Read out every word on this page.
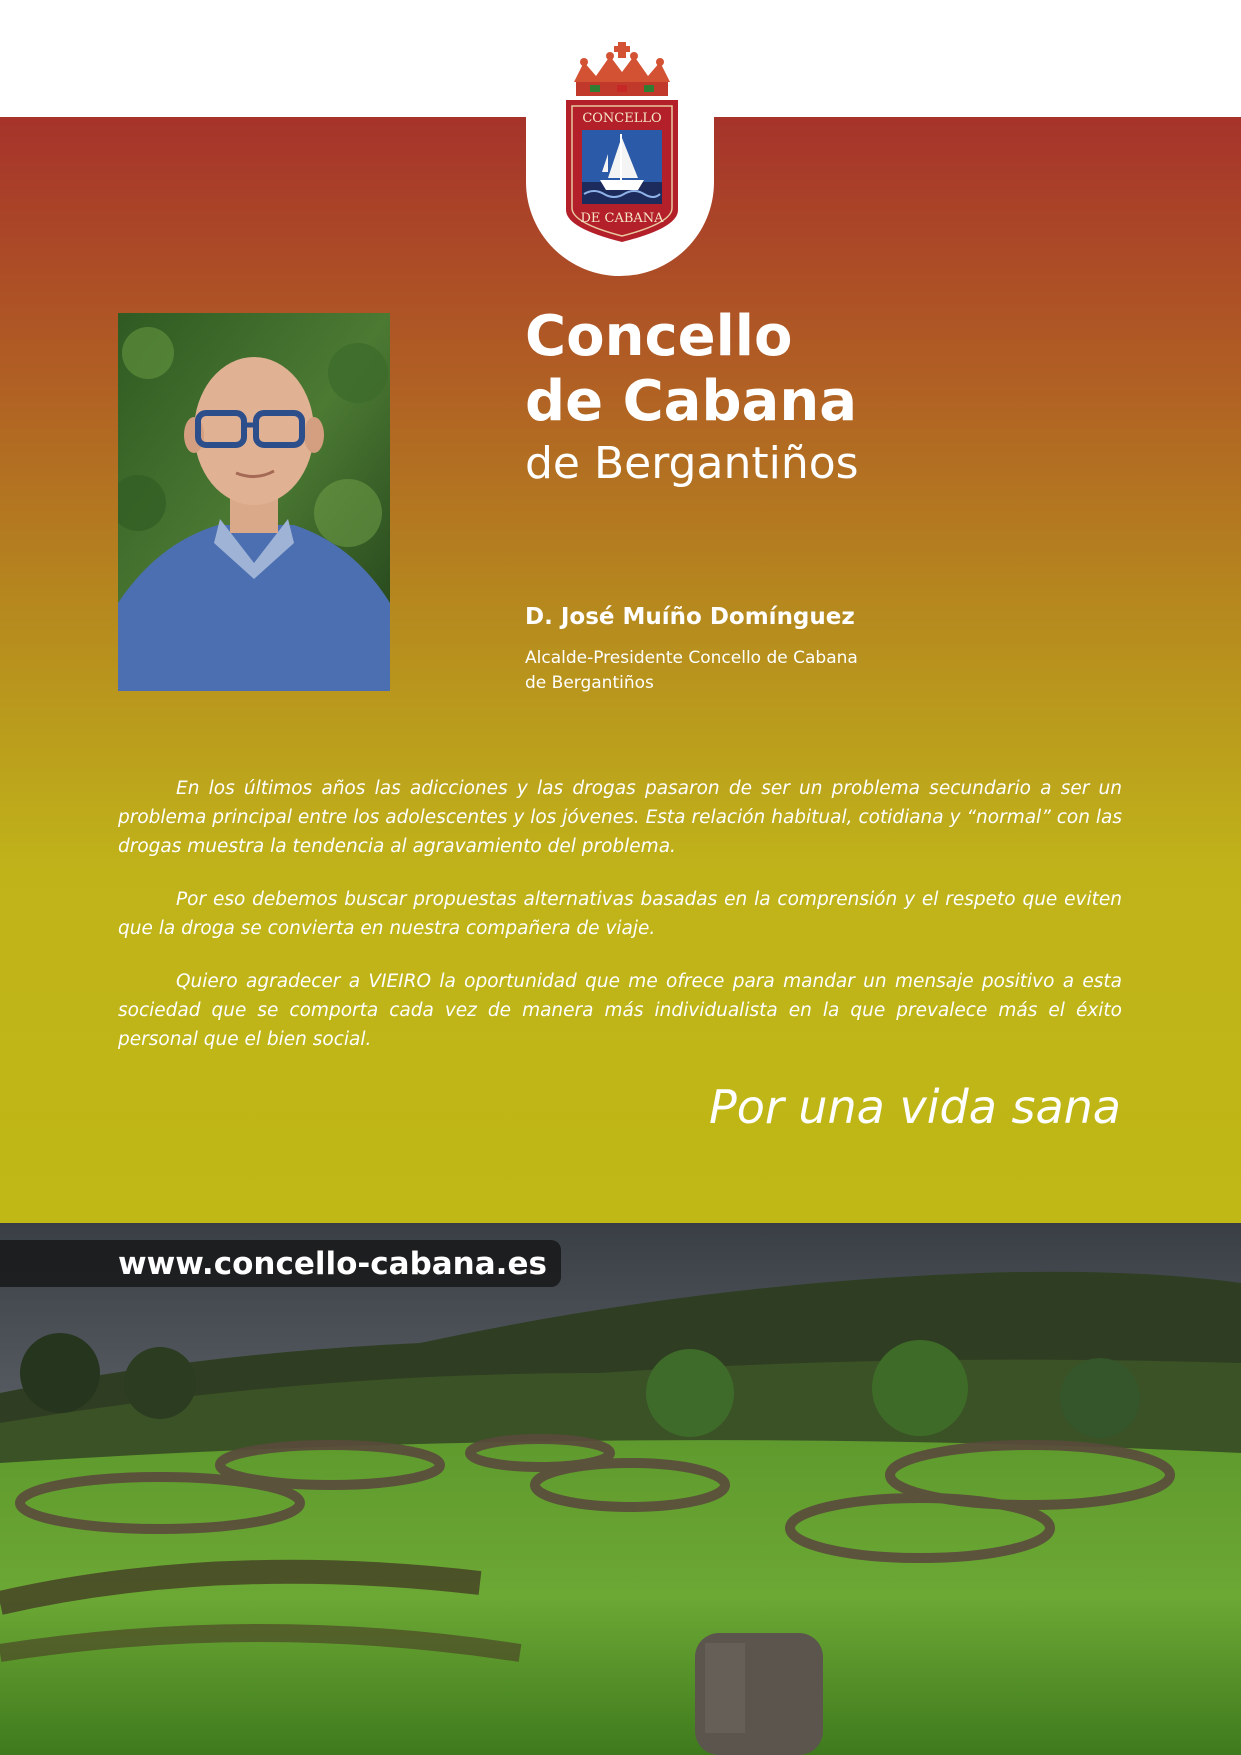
CONCELLO
DE CABANA
Concello
de Cabana
de Bergantiños
D. José Muíño Domínguez
Alcalde-Presidente Concello de Cabana
de Bergantiños

En los últimos años las adicciones y las drogas pasaron de ser un problema secundario a ser un problema principal entre los adolescentes y los jóvenes. Esta relación habitual, cotidiana y “normal” con las drogas muestra la tendencia al agravamiento del problema.

Por eso debemos buscar propuestas alternativas basadas en la comprensión y el respeto que eviten que la droga se convierta en nuestra compañera de viaje.

Quiero agradecer a VIEIRO la oportunidad que me ofrece para mandar un mensaje positivo a esta sociedad que se comporta cada vez de manera más individualista en la que prevalece más el éxito personal que el bien social.

Por una vida sana

www.concello-cabana.es
